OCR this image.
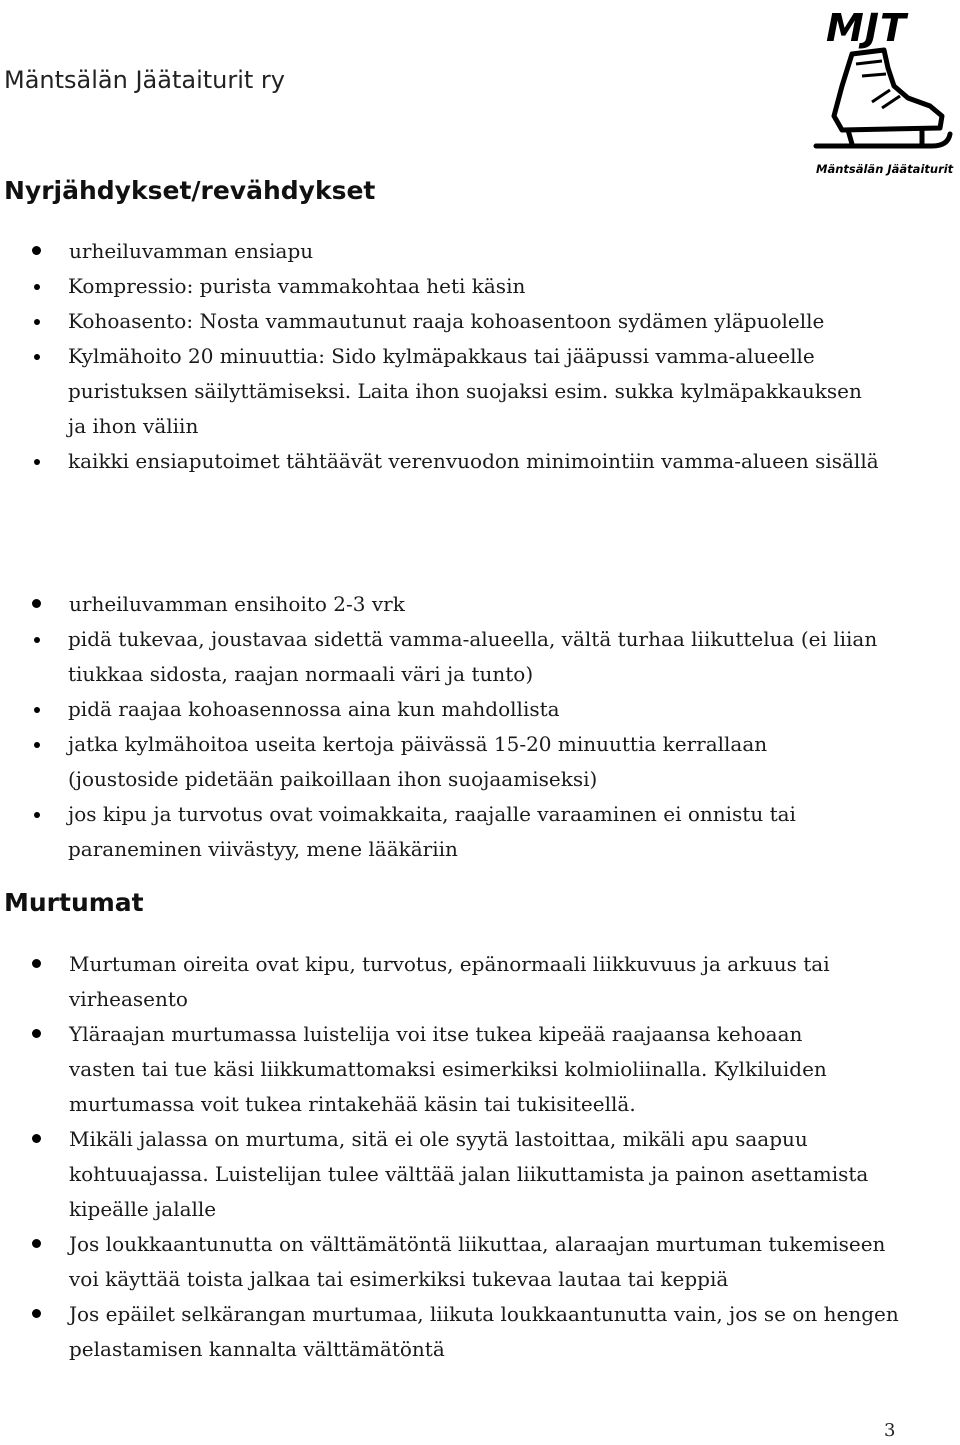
Mäntsälän Jäätaiturit ry
MJT
Mäntsälän Jäätaiturit
Nyrjähdykset/revähdykset
urheiluvamman ensiapu
Kompressio: purista vammakohtaa heti käsin
Kohoasento: Nosta vammautunut raaja kohoasentoon sydämen yläpuolelle
Kylmähoito 20 minuuttia: Sido kylmäpakkaus tai jääpussi vamma-alueelle puristuksen säilyttämiseksi. Laita ihon suojaksi esim. sukka kylmäpakkauksen ja ihon väliin
kaikki ensiaputoimet tähtäävät verenvuodon minimointiin vamma-alueen sisällä
urheiluvamman ensihoito 2-3 vrk
pidä tukevaa, joustavaa sidettä vamma-alueella, vältä turhaa liikuttelua (ei liian tiukkaa sidosta, raajan normaali väri ja tunto)
pidä raajaa kohoasennossa aina kun mahdollista
jatka kylmähoitoa useita kertoja päivässä 15-20 minuuttia kerrallaan (joustoside pidetään paikoillaan ihon suojaamiseksi)
jos kipu ja turvotus ovat voimakkaita, raajalle varaaminen ei onnistu tai paraneminen viivästyy, mene lääkäriin
Murtumat
Murtuman oireita ovat kipu, turvotus, epänormaali liikkuvuus ja arkuus tai virheasento
Yläraajan murtumassa luistelija voi itse tukea kipeää raajaansa kehoaan vasten tai tue käsi liikkumattomaksi esimerkiksi kolmioliinalla. Kylkiluiden murtumassa voit tukea rintakehää käsin tai tukisiteellä.
Mikäli jalassa on murtuma, sitä ei ole syytä lastoittaa, mikäli apu saapuu kohtuuajassa. Luistelijan tulee välttää jalan liikuttamista ja painon asettamista kipeälle jalalle
Jos loukkaantunutta on välttämätöntä liikuttaa, alaraajan murtuman tukemiseen voi käyttää toista jalkaa tai esimerkiksi tukevaa lautaa tai keppiä
Jos epäilet selkärangan murtumaa, liikuta loukkaantunutta vain, jos se on hengen pelastamisen kannalta välttämätöntä
3
